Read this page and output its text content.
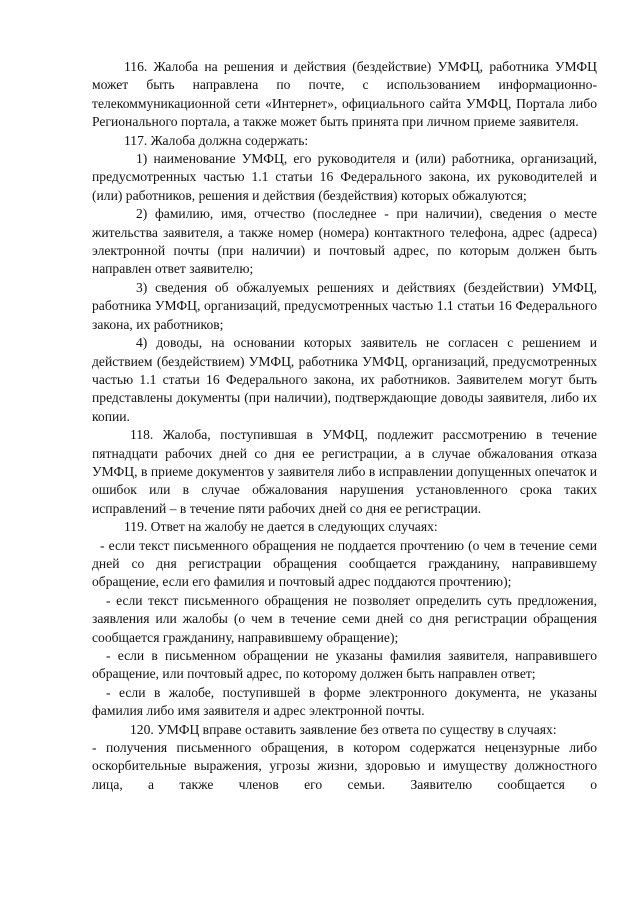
116. Жалоба на решения и действия (бездействие) УМФЦ, работника УМФЦ может быть направлена по почте, с использованием информационно-телекоммуникационной сети «Интернет», официального сайта УМФЦ, Портала либо Регионального портала, а также может быть принята при личном приеме заявителя.

117. Жалоба должна содержать:

1) наименование УМФЦ, его руководителя и (или) работника, организаций, предусмотренных частью 1.1 статьи 16 Федерального закона, их руководителей и (или) работников, решения и действия (бездействия) которых обжалуются;

2) фамилию, имя, отчество (последнее - при наличии), сведения о месте жительства заявителя, а также номер (номера) контактного телефона, адрес (адреса) электронной почты (при наличии) и почтовый адрес, по которым должен быть направлен ответ заявителю;

3) сведения об обжалуемых решениях и действиях (бездействии) УМФЦ, работника УМФЦ, организаций, предусмотренных частью 1.1 статьи 16 Федерального закона, их работников;

4) доводы, на основании которых заявитель не согласен с решением и действием (бездействием) УМФЦ, работника УМФЦ, организаций, предусмотренных частью 1.1 статьи 16 Федерального закона, их работников. Заявителем могут быть представлены документы (при наличии), подтверждающие доводы заявителя, либо их копии.

118. Жалоба, поступившая в УМФЦ, подлежит рассмотрению в течение пятнадцати рабочих дней со дня ее регистрации, а в случае обжалования отказа УМФЦ, в приеме документов у заявителя либо в исправлении допущенных опечаток и ошибок или в случае обжалования нарушения установленного срока таких исправлений – в течение пяти рабочих дней со дня ее регистрации.

119. Ответ на жалобу не дается в следующих случаях:

- если текст письменного обращения не поддается прочтению (о чем в течение семи дней со дня регистрации обращения сообщается гражданину, направившему обращение, если его фамилия и почтовый адрес поддаются прочтению);

- если текст письменного обращения не позволяет определить суть предложения, заявления или жалобы (о чем в течение семи дней со дня регистрации обращения сообщается гражданину, направившему обращение);

- если в письменном обращении не указаны фамилия заявителя, направившего обращение, или почтовый адрес, по которому должен быть направлен ответ;

- если в жалобе, поступившей в форме электронного документа, не указаны фамилия либо имя заявителя и адрес электронной почты.

120. УМФЦ вправе оставить заявление без ответа по существу в случаях:

- получения письменного обращения, в котором содержатся нецензурные либо оскорбительные выражения, угрозы жизни, здоровью и имуществу должностного лица, а также членов его семьи. Заявителю сообщается о
